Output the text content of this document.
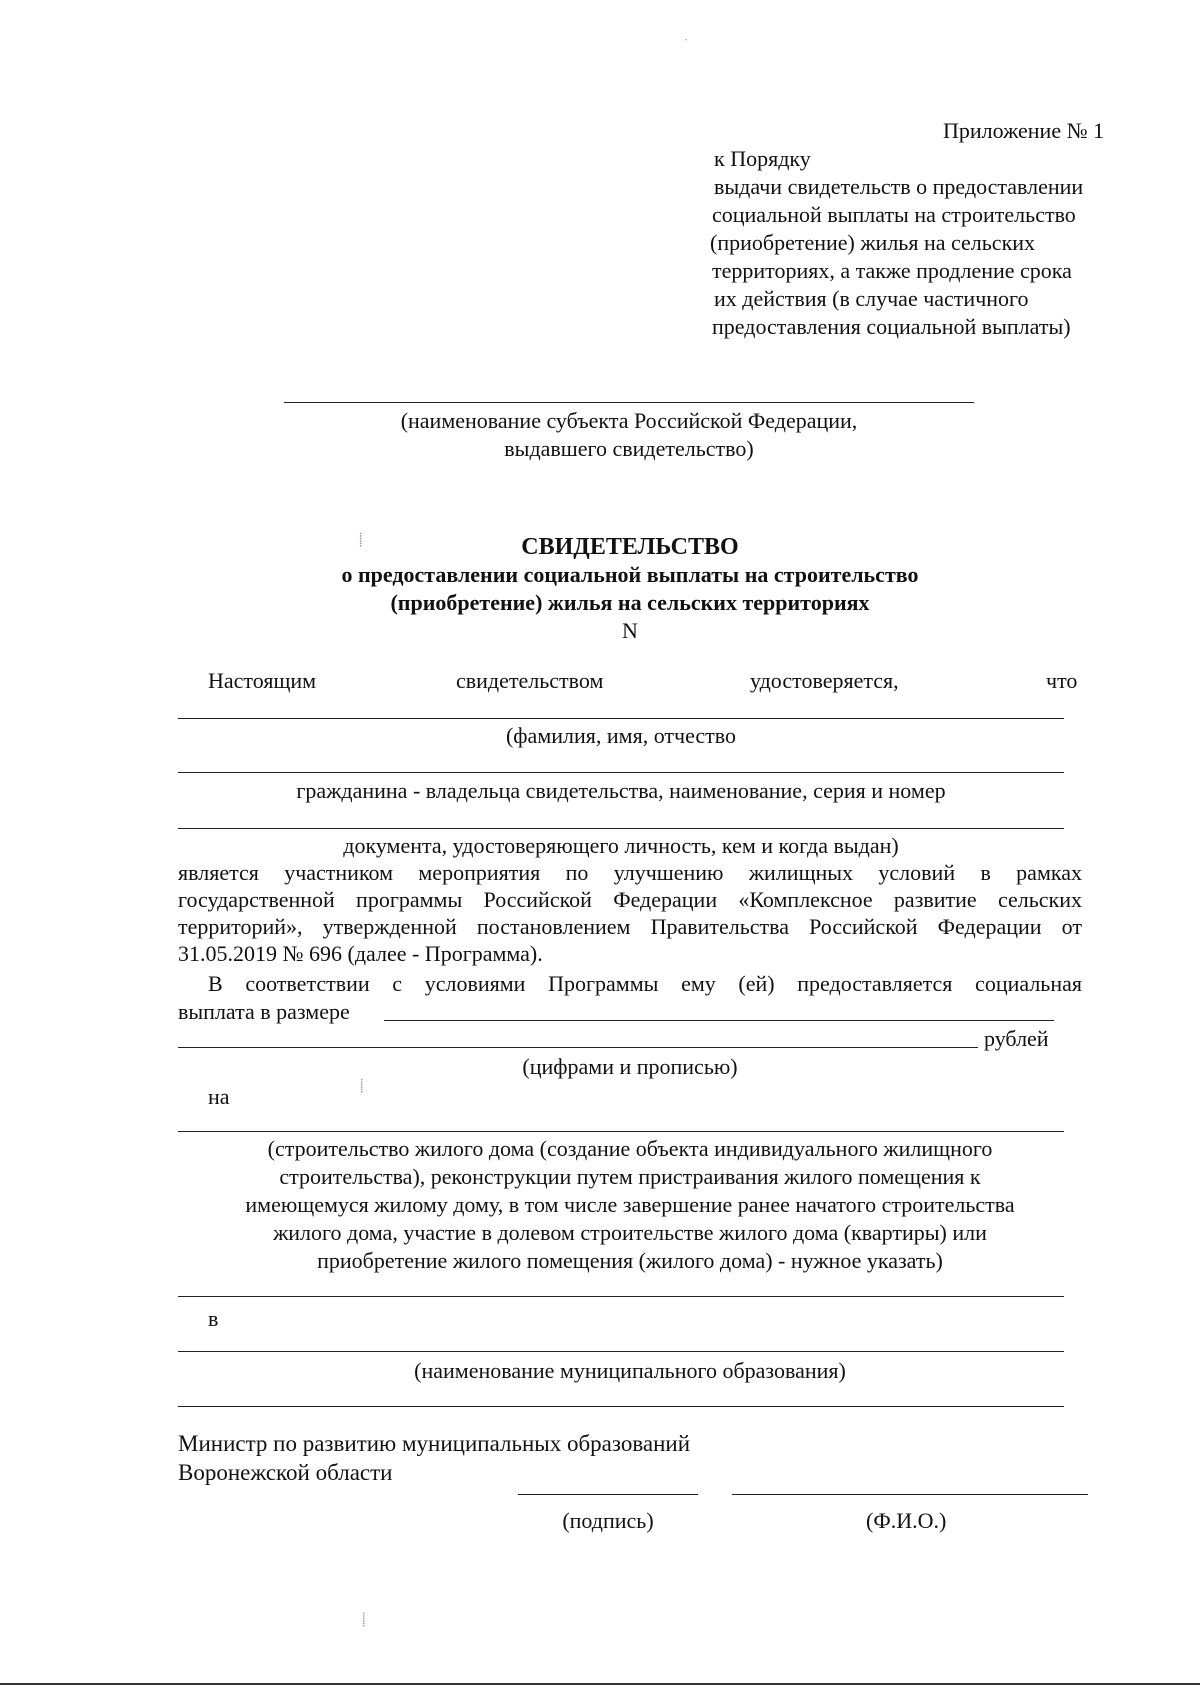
Приложение № 1
к Порядку
выдачи свидетельств о предоставлении
социальной выплаты на строительство
(приобретение) жилья на сельских
территориях, а также продление срока
их действия (в случае частичного
предоставления социальной выплаты)
·
(наименование субъекта Российской Федерации,
выдавшего свидетельство)
⸽	СВИДЕТЕЛЬСТВО
о предоставлении социальной выплаты на строительство
(приобретение) жилья на сельских территориях
N
Настоящим	свидетельством	удостоверяется,	что
(фамилия, имя, отчество
гражданина - владельца свидетельства, наименование, серия и номер
документа, удостоверяющего личность, кем и когда выдан)
является участником мероприятия по улучшению жилищных условий в рамках
государственной программы Российской Федерации «Комплексное развитие сельских
территорий», утвержденной постановлением Правительства Российской Федерации от
31.05.2019 № 696 (далее - Программа).
В соответствии с условиями Программы ему (ей) предоставляется социальная
выплата в размере
рублей
(цифрами и прописью)
на	⸽
(строительство жилого дома (создание объекта индивидуального жилищного
строительства), реконструкции путем пристраивания жилого помещения к
имеющемуся жилому дому, в том числе завершение ранее начатого строительства
жилого дома, участие в долевом строительстве жилого дома (квартиры) или
приобретение жилого помещения (жилого дома) - нужное указать)
в
(наименование муниципального образования)
Министр по развитию муниципальных образований
Воронежской области
(подпись)	(Ф.И.О.)
⸽
